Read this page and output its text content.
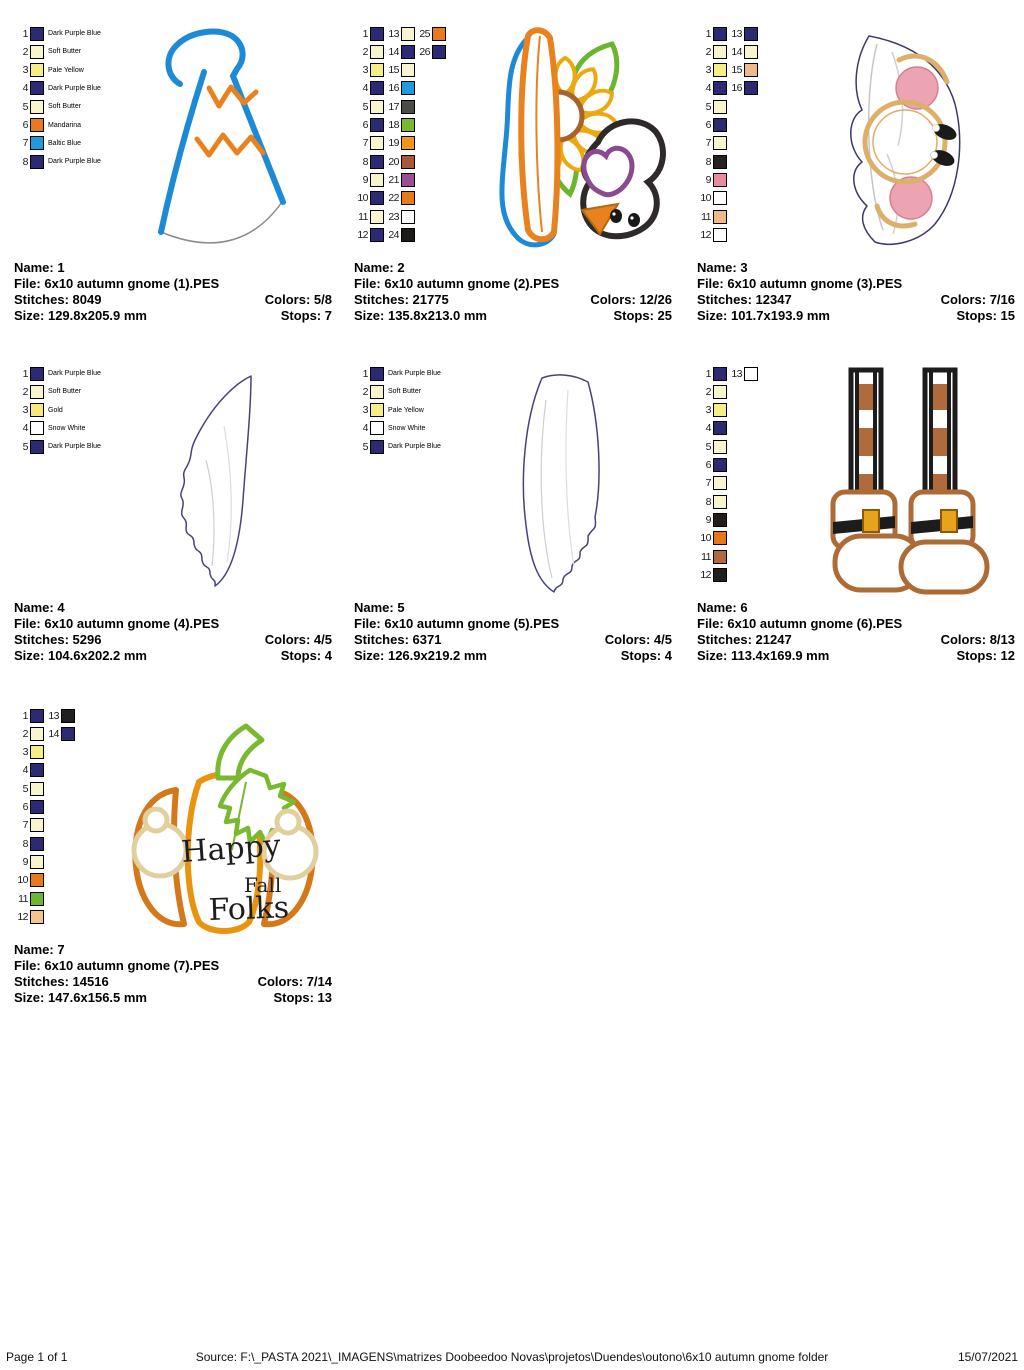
1	Dark Purple Blue
2	Soft Butter
3	Pale Yellow
4	Dark Purple Blue
5	Soft Butter
6	Mandarina
7	Baltic Blue
8	Dark Purple Blue
Name: 1
File: 6x10 autumn gnome (1).PES
Stitches: 8049	Colors: 5/8
Size: 129.8x205.9 mm	Stops: 7
1
2
3
4
5
6
7
8
9
10
11
12
13
14
15
16
17
18
19
20
21
22
23
24
25
26
Name: 2
File: 6x10 autumn gnome (2).PES
Stitches: 21775	Colors: 12/26
Size: 135.8x213.0 mm	Stops: 25
1
2
3
4
5
6
7
8
9
10
11
12
13
14
15
16
Name: 3
File: 6x10 autumn gnome (3).PES
Stitches: 12347	Colors: 7/16
Size: 101.7x193.9 mm	Stops: 15
1	Dark Purple Blue
2	Soft Butter
3	Gold
4	Snow White
5	Dark Purple Blue
Name: 4
File: 6x10 autumn gnome (4).PES
Stitches: 5296	Colors: 4/5
Size: 104.6x202.2 mm	Stops: 4
1	Dark Purple Blue
2	Soft Butter
3	Pale Yellow
4	Snow White
5	Dark Purple Blue
Name: 5
File: 6x10 autumn gnome (5).PES
Stitches: 6371	Colors: 4/5
Size: 126.9x219.2 mm	Stops: 4
1
2
3
4
5
6
7
8
9
10
11
12
13
Name: 6
File: 6x10 autumn gnome (6).PES
Stitches: 21247	Colors: 8/13
Size: 113.4x169.9 mm	Stops: 12
1
2
3
4
5
6
7
8
9
10
11
12
13
14
Happy
Fall
Folks
Name: 7
File: 6x10 autumn gnome (7).PES
Stitches: 14516	Colors: 7/14
Size: 147.6x156.5 mm	Stops: 13
Page 1 of 1	Source: F:\_PASTA 2021\_IMAGENS\matrizes Doobeedoo Novas\projetos\Duendes\outono\6x10 autumn gnome folder	15/07/2021
